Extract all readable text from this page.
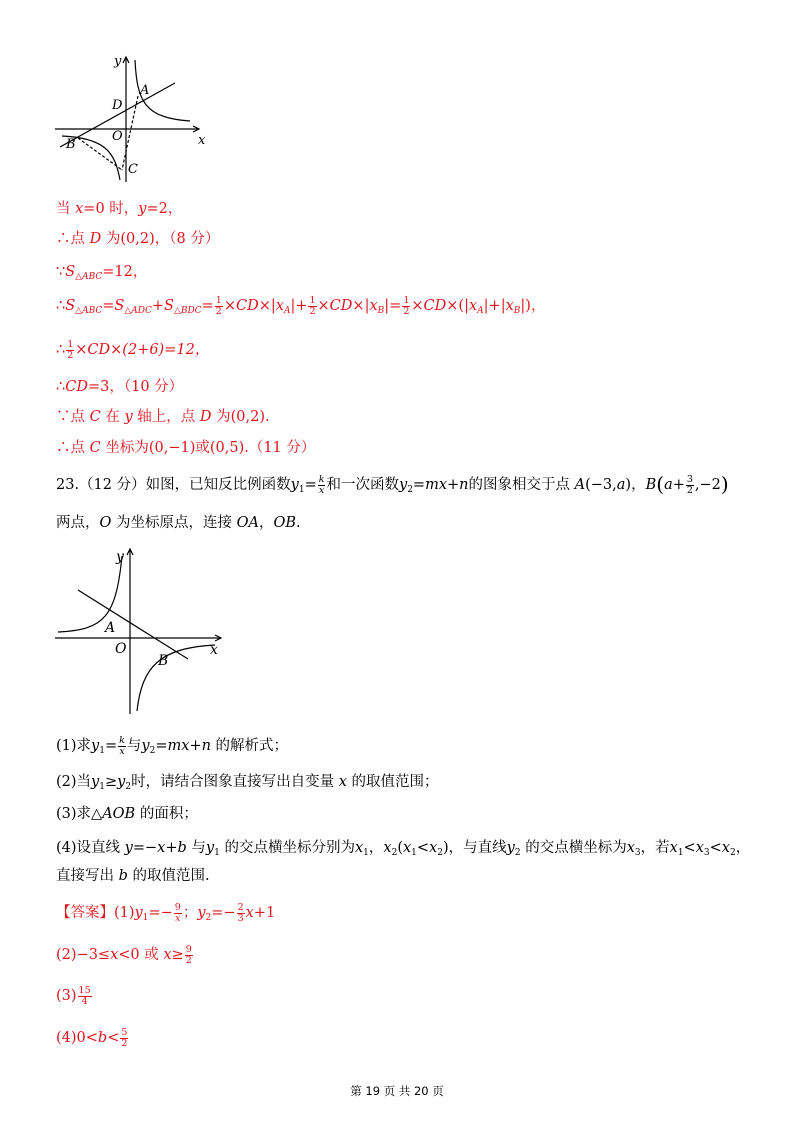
y
x
A
D
O
B
C
当 x=0 时，y=2，
∴点 D 为(0,2)，（8 分）
$\because S_{\triangle ABC}=12$，
$\therefore S_{\triangle ABC}=S_{\triangle ADC}+S_{\triangle BDC}= \frac{1}{2} \times CD\times|x_A|+ \frac{1}{2} \times CD\times|x_B|= \frac{1}{2} \times CD\times(|x_A|+|x_B|)$，
∴ $\frac{1}{2} \times CD\times(2+6)=12$，
∴CD=3，（10 分）
∵点 C 在 y 轴上，点 D 为(0,2).
∴点 C 坐标为(0,−1)或(0,5).（11 分）
23.（12 分）如图，已知反比例函数$y_1= \frac{k}{x}$ 和一次函数$y_2=mx+n$的图象相交于点 A(−3,a)，$B(a+ \frac{3}{2} ,-2)$
两点，O 为坐标原点，连接 OA，OB.
y
x
A
O
B
(1)求$y_1= \frac{k}{x}$ 与$y_2=mx+n$ 的解析式；
(2)当$y_1\ge y_2$时，请结合图象直接写出自变量 x 的取值范围；
(3)求△AOB 的面积；
(4)设直线 y=−x+b 与$y_1$ 的交点横坐标分别为$x_1$，$x_2(x_1<x_2)$，与直线$y_2$ 的交点横坐标为$x_3$，若$x_1<x_3<x_2$，
直接写出 b 的取值范围.
【答案】$(1)y_1=- \frac{9}{x}$ ；$y_2=- \frac{2}{3} x+1$
(2)−3≤x<0 或 $x\ge \frac{9}{2}$
$(3) \frac{15}{4}$
$(4)0<b< \frac{5}{2}$
第 19 页 共 20 页
